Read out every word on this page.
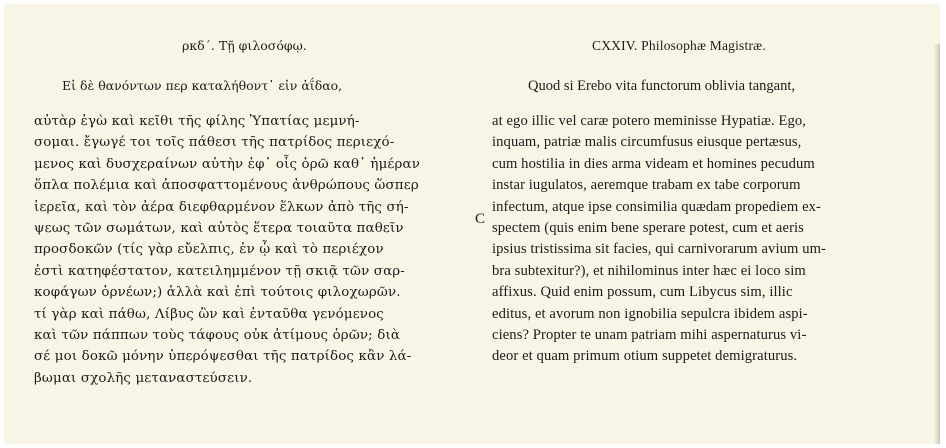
ρκδ΄. Τῇ φιλοσόφῳ.
Εἰ δὲ θανόντων περ καταλήθοντ᾽ εἰν ἀΐδαο,
αὐτὰρ ἐγὼ καὶ κεῖθι τῆς φίλης Ὑπατίας μεμνή-
σομαι. ἔγωγέ τοι τοῖς πάθεσι τῆς πατρίδος περιεχό-
μενος καὶ δυσχεραίνων αὐτὴν ἐφ᾽ οἷς ὁρῶ καθ᾽ ἡμέραν
ὅπλα πολέμια καὶ ἀποσφαττομένους ἀνθρώπους ὥσπερ
ἱερεῖα, καὶ τὸν ἀέρα διεφθαρμένον ἕλκων ἀπὸ τῆς σή-
ψεως τῶν σωμάτων, καὶ αὐτὸς ἕτερα τοιαῦτα παθεῖν
προσδοκῶν (τίς γὰρ εὔελπις, ἐν ᾧ καὶ τὸ περιέχον
ἐστὶ κατηφέστατον, κατειλημμένον τῇ σκιᾷ τῶν σαρ-
κοφάγων ὀρνέων;) ἀλλὰ καὶ ἐπὶ τούτοις φιλοχωρῶν.
τί γὰρ καὶ πάθω, Λίβυς ὢν καὶ ἐνταῦθα γενόμενος
καὶ τῶν πάππων τοὺς τάφους οὐκ ἀτίμους ὁρῶν; διὰ
σέ μοι δοκῶ μόνην ὑπερόψεσθαι τῆς πατρίδος κἂν λά-
βωμαι σχολῆς μεταναστεύσειν.
C
CXXIV. Philosophæ Magistræ.
Quod si Erebo vita functorum oblivia tangant,
at ego illic vel caræ potero meminisse Hypatiæ. Ego,
inquam, patriæ malis circumfusus eiusque pertæsus,
cum hostilia in dies arma videam et homines pecudum
instar iugulatos, aeremque trabam ex tabe corporum
infectum, atque ipse consimilia quædam propediem ex-
spectem (quis enim bene sperare potest, cum et aeris
ipsius tristissima sit facies, qui carnivorarum avium um-
bra subtexitur?), et nihilominus inter hæc ei loco sim
affixus. Quid enim possum, cum Libycus sim, illic
editus, et avorum non ignobilia sepulcra ibidem aspi-
ciens? Propter te unam patriam mihi aspernaturus vi-
deor et quam primum otium suppetet demigraturus.
